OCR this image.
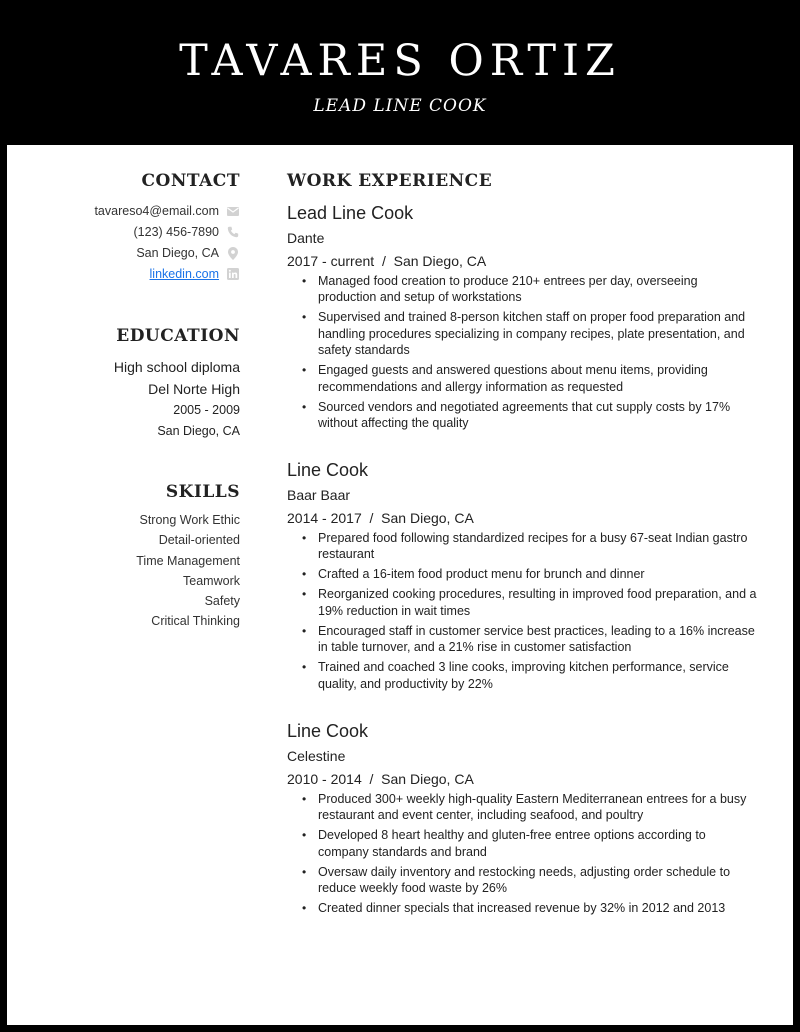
TAVARES ORTIZ
LEAD LINE COOK
CONTACT
tavareso4@email.com
(123) 456-7890
San Diego, CA
linkedin.com
EDUCATION
High school diploma
Del Norte High
2005 - 2009
San Diego, CA
SKILLS
Strong Work Ethic
Detail-oriented
Time Management
Teamwork
Safety
Critical Thinking
WORK EXPERIENCE
Lead Line Cook
Dante
2017 - current  /  San Diego, CA
• Managed food creation to produce 210+ entrees per day, overseeing production and setup of workstations
• Supervised and trained 8-person kitchen staff on proper food preparation and handling procedures specializing in company recipes, plate presentation, and safety standards
• Engaged guests and answered questions about menu items, providing recommendations and allergy information as requested
• Sourced vendors and negotiated agreements that cut supply costs by 17% without affecting the quality
Line Cook
Baar Baar
2014 - 2017  /  San Diego, CA
• Prepared food following standardized recipes for a busy 67-seat Indian gastro restaurant
• Crafted a 16-item food product menu for brunch and dinner
• Reorganized cooking procedures, resulting in improved food preparation, and a 19% reduction in wait times
• Encouraged staff in customer service best practices, leading to a 16% increase in table turnover, and a 21% rise in customer satisfaction
• Trained and coached 3 line cooks, improving kitchen performance, service quality, and productivity by 22%
Line Cook
Celestine
2010 - 2014  /  San Diego, CA
• Produced 300+ weekly high-quality Eastern Mediterranean entrees for a busy restaurant and event center, including seafood, and poultry
• Developed 8 heart healthy and gluten-free entree options according to company standards and brand
• Oversaw daily inventory and restocking needs, adjusting order schedule to reduce weekly food waste by 26%
• Created dinner specials that increased revenue by 32% in 2012 and 2013
